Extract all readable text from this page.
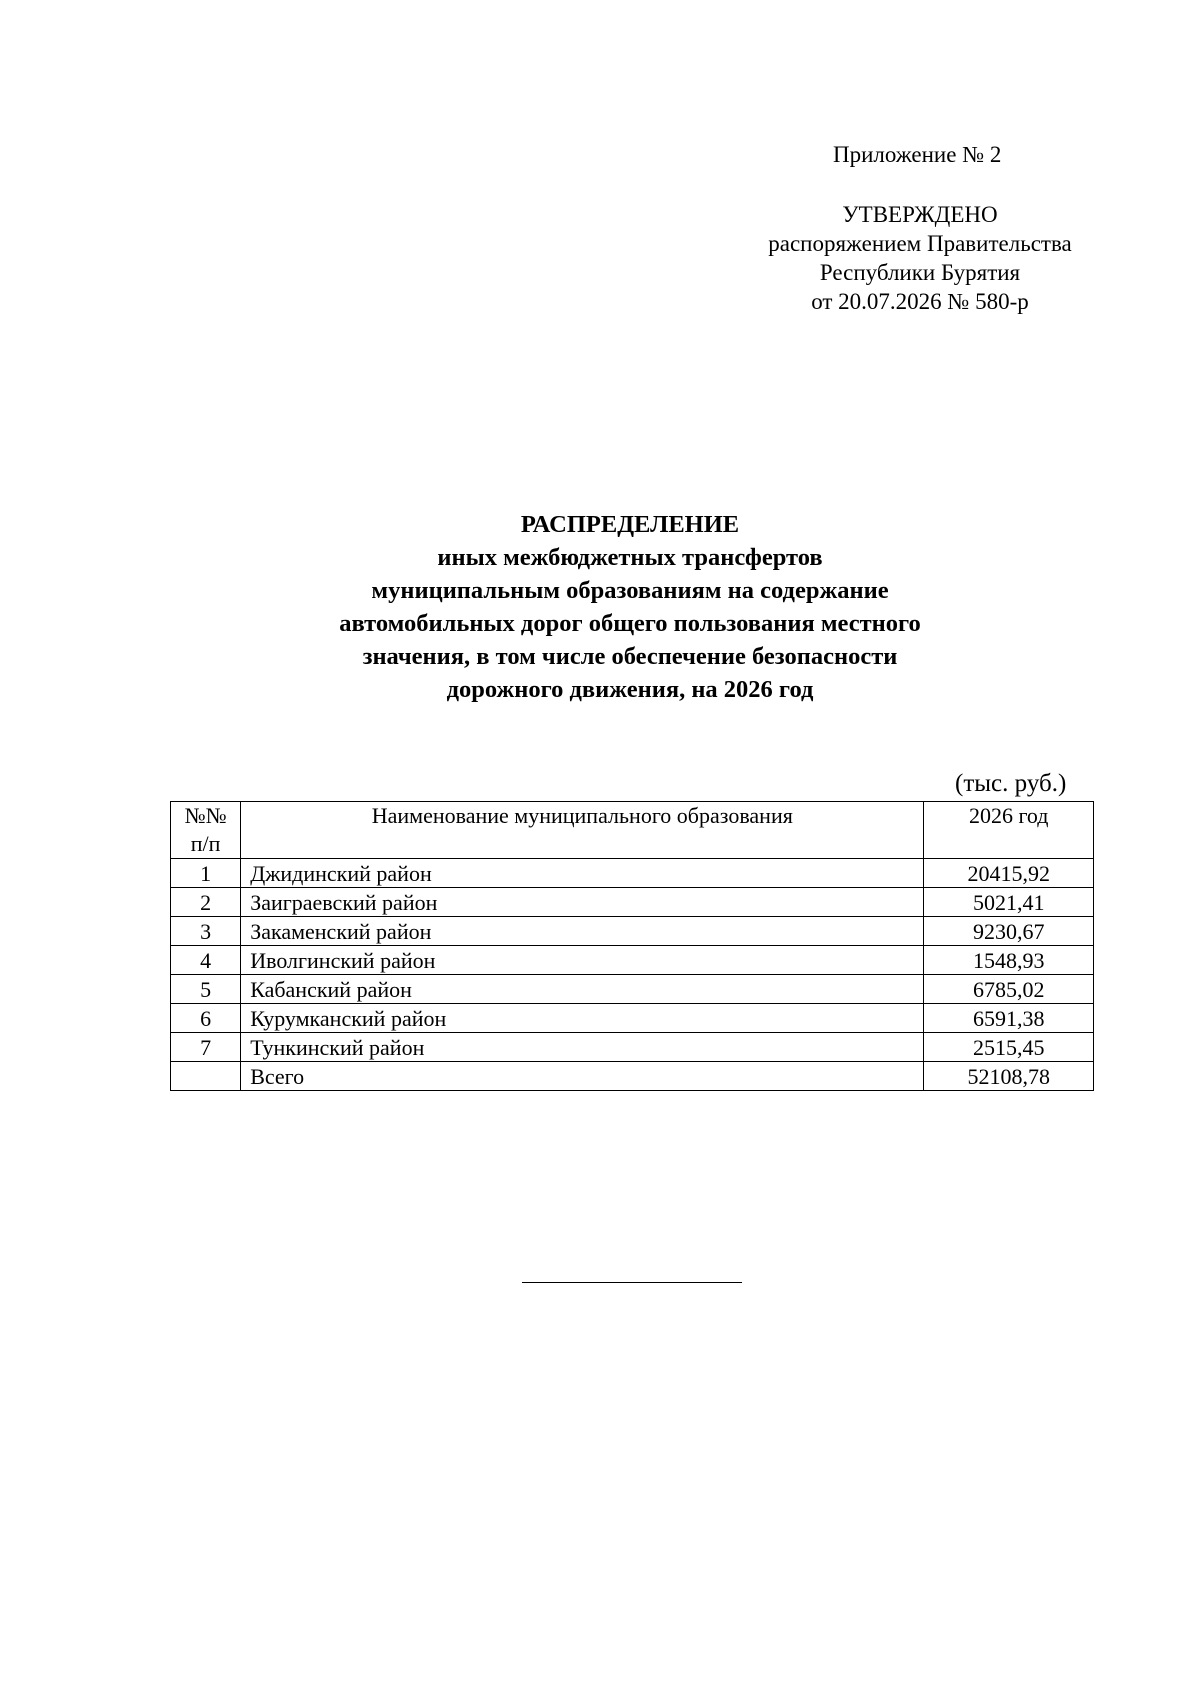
Приложение № 2
УТВЕРЖДЕНО
распоряжением Правительства
Республики Бурятия
от 20.07.2026 № 580-р
РАСПРЕДЕЛЕНИЕ
иных межбюджетных трансфертов
муниципальным образованиям на содержание
автомобильных дорог общего пользования местного
значения, в том числе обеспечение безопасности
дорожного движения, на 2026 год
(тыс. руб.)
№№
п/п	Наименование муниципального образования	2026 год
1	Джидинский район	20415,92
2	Заиграевский район	5021,41
3	Закаменский район	9230,67
4	Иволгинский район	1548,93
5	Кабанский район	6785,02
6	Курумканский район	6591,38
7	Тункинский район	2515,45
	Всего	52108,78
